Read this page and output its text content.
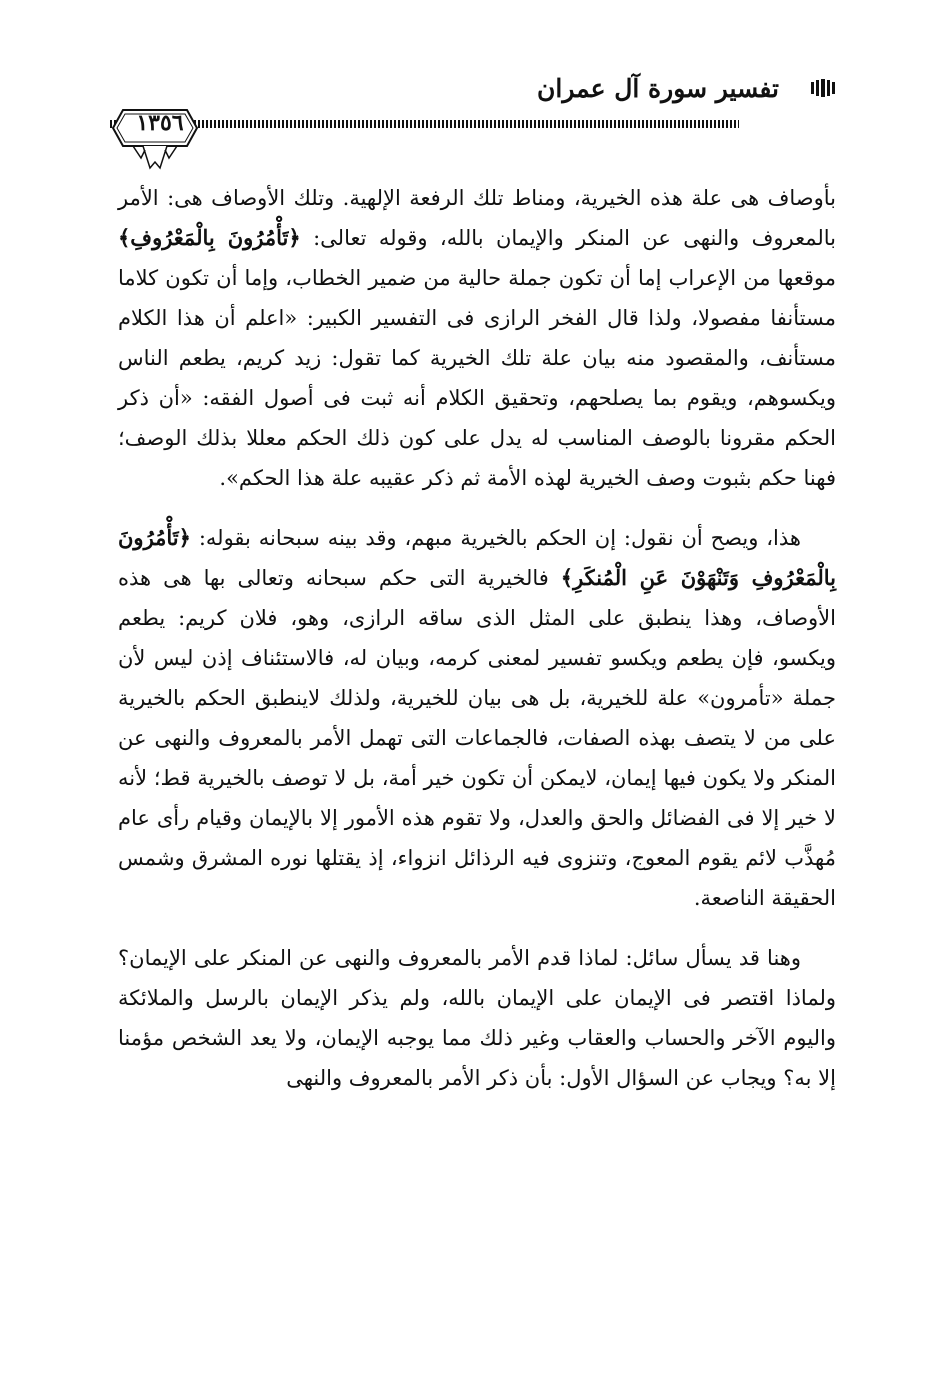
تفسير سورة آل عمران
١٣٥٦

بأوصاف هى علة هذه الخيرية، ومناط تلك الرفعة الإلهية. وتلك الأوصاف هى: الأمر بالمعروف والنهى عن المنكر والإيمان بالله، وقوله تعالى: ﴿تَأْمُرُونَ بِالْمَعْرُوفِ﴾ موقعها من الإعراب إما أن تكون جملة حالية من ضمير الخطاب، وإما أن تكون كلاما مستأنفا مفصولا، ولذا قال الفخر الرازى فى التفسير الكبير: «اعلم أن هذا الكلام مستأنف، والمقصود منه بيان علة تلك الخيرية كما تقول: زيد كريم، يطعم الناس ويكسوهم، ويقوم بما يصلحهم، وتحقيق الكلام أنه ثبت فى أصول الفقه: «أن ذكر الحكم مقرونا بالوصف المناسب له يدل على كون ذلك الحكم معللا بذلك الوصف؛ فهنا حكم بثبوت وصف الخيرية لهذه الأمة ثم ذكر عقيبه علة هذا الحكم».

هذا، ويصح أن نقول: إن الحكم بالخيرية مبهم، وقد بينه سبحانه بقوله: ﴿تَأْمُرُونَ بِالْمَعْرُوفِ وَتَنْهَوْنَ عَنِ الْمُنكَرِ﴾ فالخيرية التى حكم سبحانه وتعالى بها هى هذه الأوصاف، وهذا ينطبق على المثل الذى ساقه الرازى، وهو، فلان كريم: يطعم ويكسو، فإن يطعم ويكسو تفسير لمعنى كرمه، وبيان له، فالاستئناف إذن ليس لأن جملة «تأمرون» علة للخيرية، بل هى بيان للخيرية، ولذلك لاينطبق الحكم بالخيرية على من لا يتصف بهذه الصفات، فالجماعات التى تهمل الأمر بالمعروف والنهى عن المنكر ولا يكون فيها إيمان، لايمكن أن تكون خير أمة، بل لا توصف بالخيرية قط؛ لأنه لا خير إلا فى الفضائل والحق والعدل، ولا تقوم هذه الأمور إلا بالإيمان وقيام رأى عام مُهذَّب لائم يقوم المعوج، وتنزوى فيه الرذائل انزواء، إذ يقتلها نوره المشرق وشمس الحقيقة الناصعة.

وهنا قد يسأل سائل: لماذا قدم الأمر بالمعروف والنهى عن المنكر على الإيمان؟ ولماذا اقتصر فى الإيمان على الإيمان بالله، ولم يذكر الإيمان بالرسل والملائكة واليوم الآخر والحساب والعقاب وغير ذلك مما يوجبه الإيمان، ولا يعد الشخص مؤمنا إلا به؟ ويجاب عن السؤال الأول: بأن ذكر الأمر بالمعروف والنهى
